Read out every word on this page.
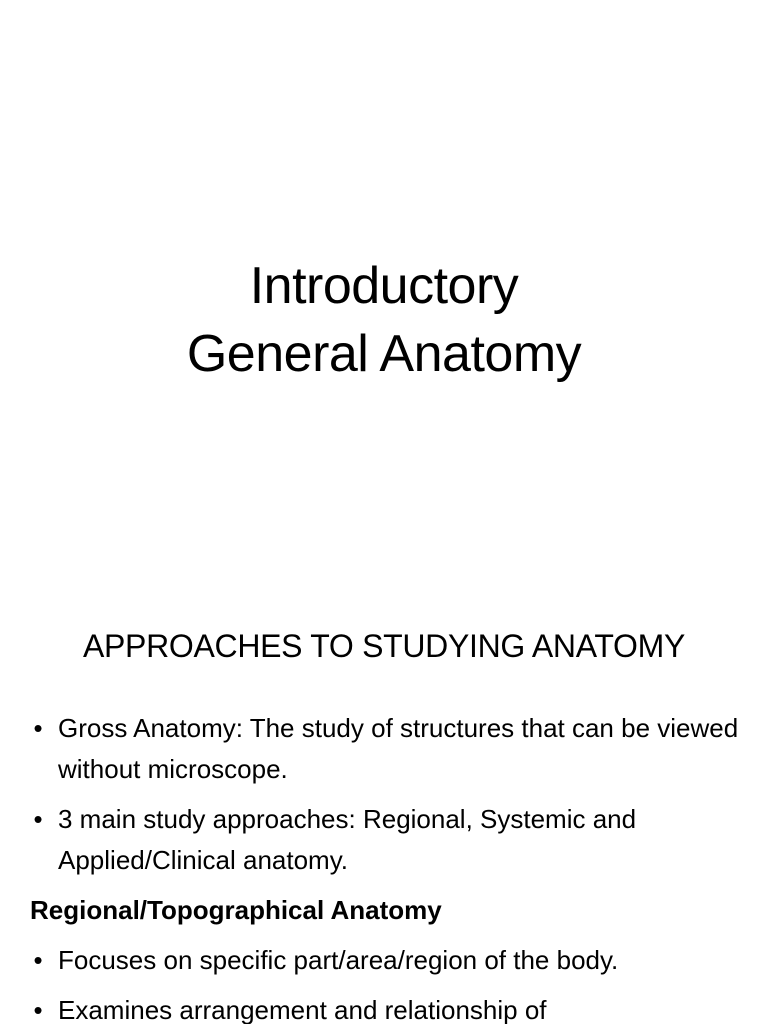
Introductory
General Anatomy
APPROACHES TO STUDYING ANATOMY
• Gross Anatomy: The study of structures that can be viewed without microscope.
• 3 main study approaches: Regional, Systemic and Applied/Clinical anatomy.
Regional/Topographical Anatomy
• Focuses on specific part/area/region of the body.
• Examines arrangement and relationship of
